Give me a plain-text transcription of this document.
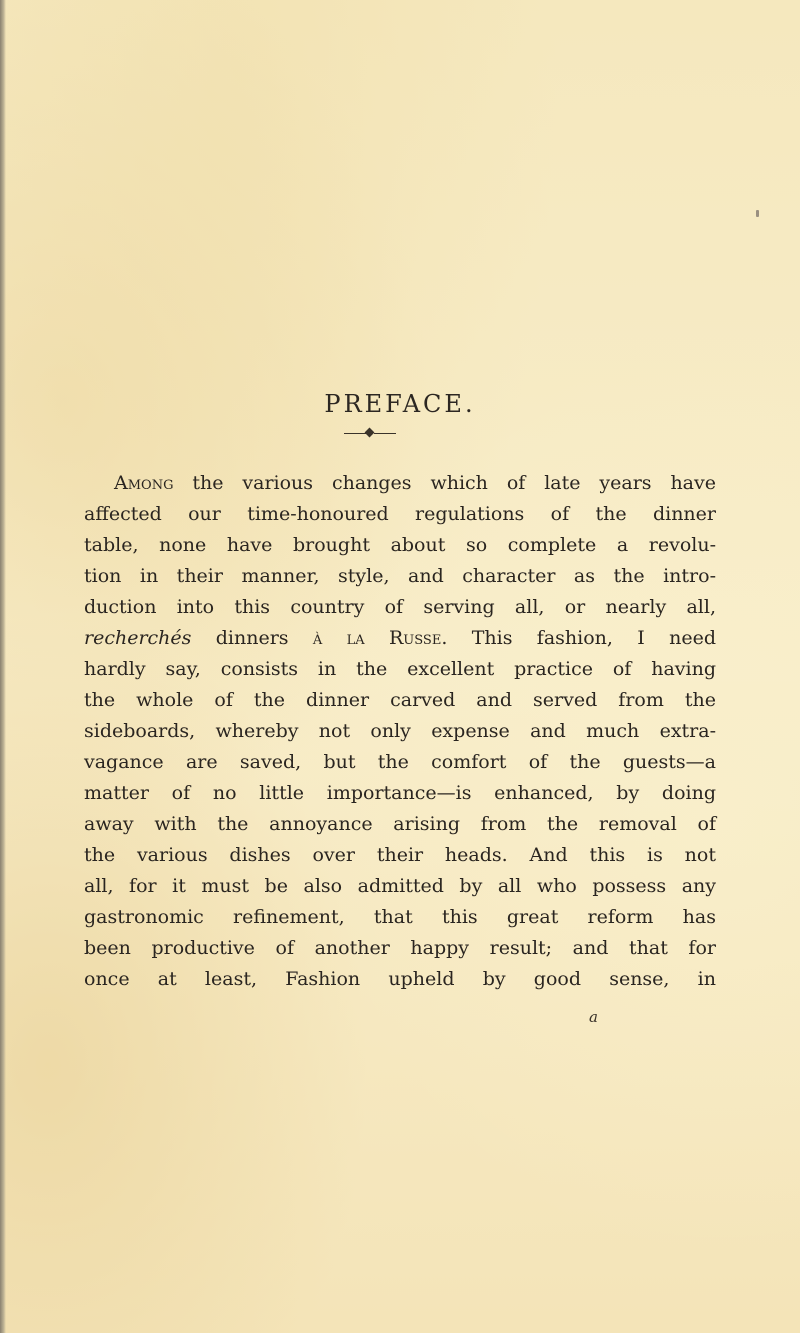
PREFACE.
Among the various changes which of late years have
affected our time-honoured regulations of the dinner
table, none have brought about so complete a revolu-
tion in their manner, style, and character as the intro-
duction into this country of serving all, or nearly all,
recherchés dinners à la Russe. This fashion, I need
hardly say, consists in the excellent practice of having
the whole of the dinner carved and served from the
sideboards, whereby not only expense and much extra-
vagance are saved, but the comfort of the guests—a
matter of no little importance—is enhanced, by doing
away with the annoyance arising from the removal of
the various dishes over their heads. And this is not
all, for it must be also admitted by all who possess any
gastronomic refinement, that this great reform has
been productive of another happy result; and that for
once at least, Fashion upheld by good sense, in
a
